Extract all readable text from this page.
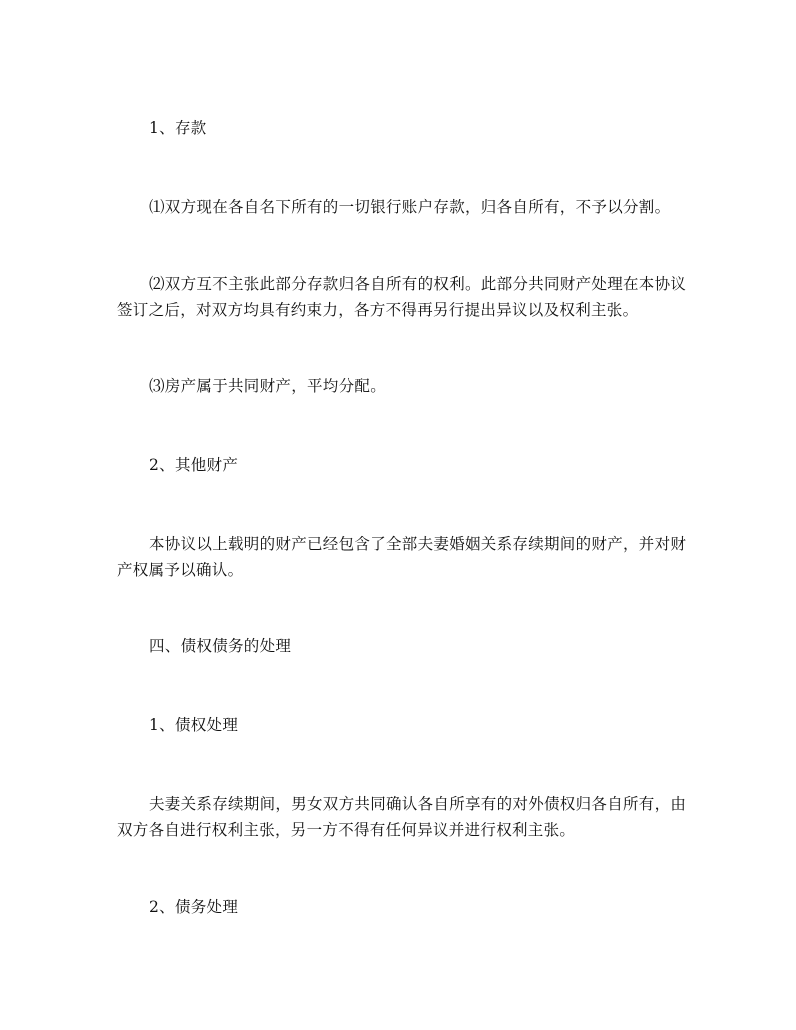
1、存款

⑴双方现在各自名下所有的一切银行账户存款，归各自所有，不予以分割。

⑵双方互不主张此部分存款归各自所有的权利。此部分共同财产处理在本协议签订之后，对双方均具有约束力，各方不得再另行提出异议以及权利主张。

⑶房产属于共同财产，平均分配。

2、其他财产

本协议以上载明的财产已经包含了全部夫妻婚姻关系存续期间的财产，并对财产权属予以确认。

四、债权债务的处理

1、债权处理

夫妻关系存续期间，男女双方共同确认各自所享有的对外债权归各自所有，由双方各自进行权利主张，另一方不得有任何异议并进行权利主张。

2、债务处理
